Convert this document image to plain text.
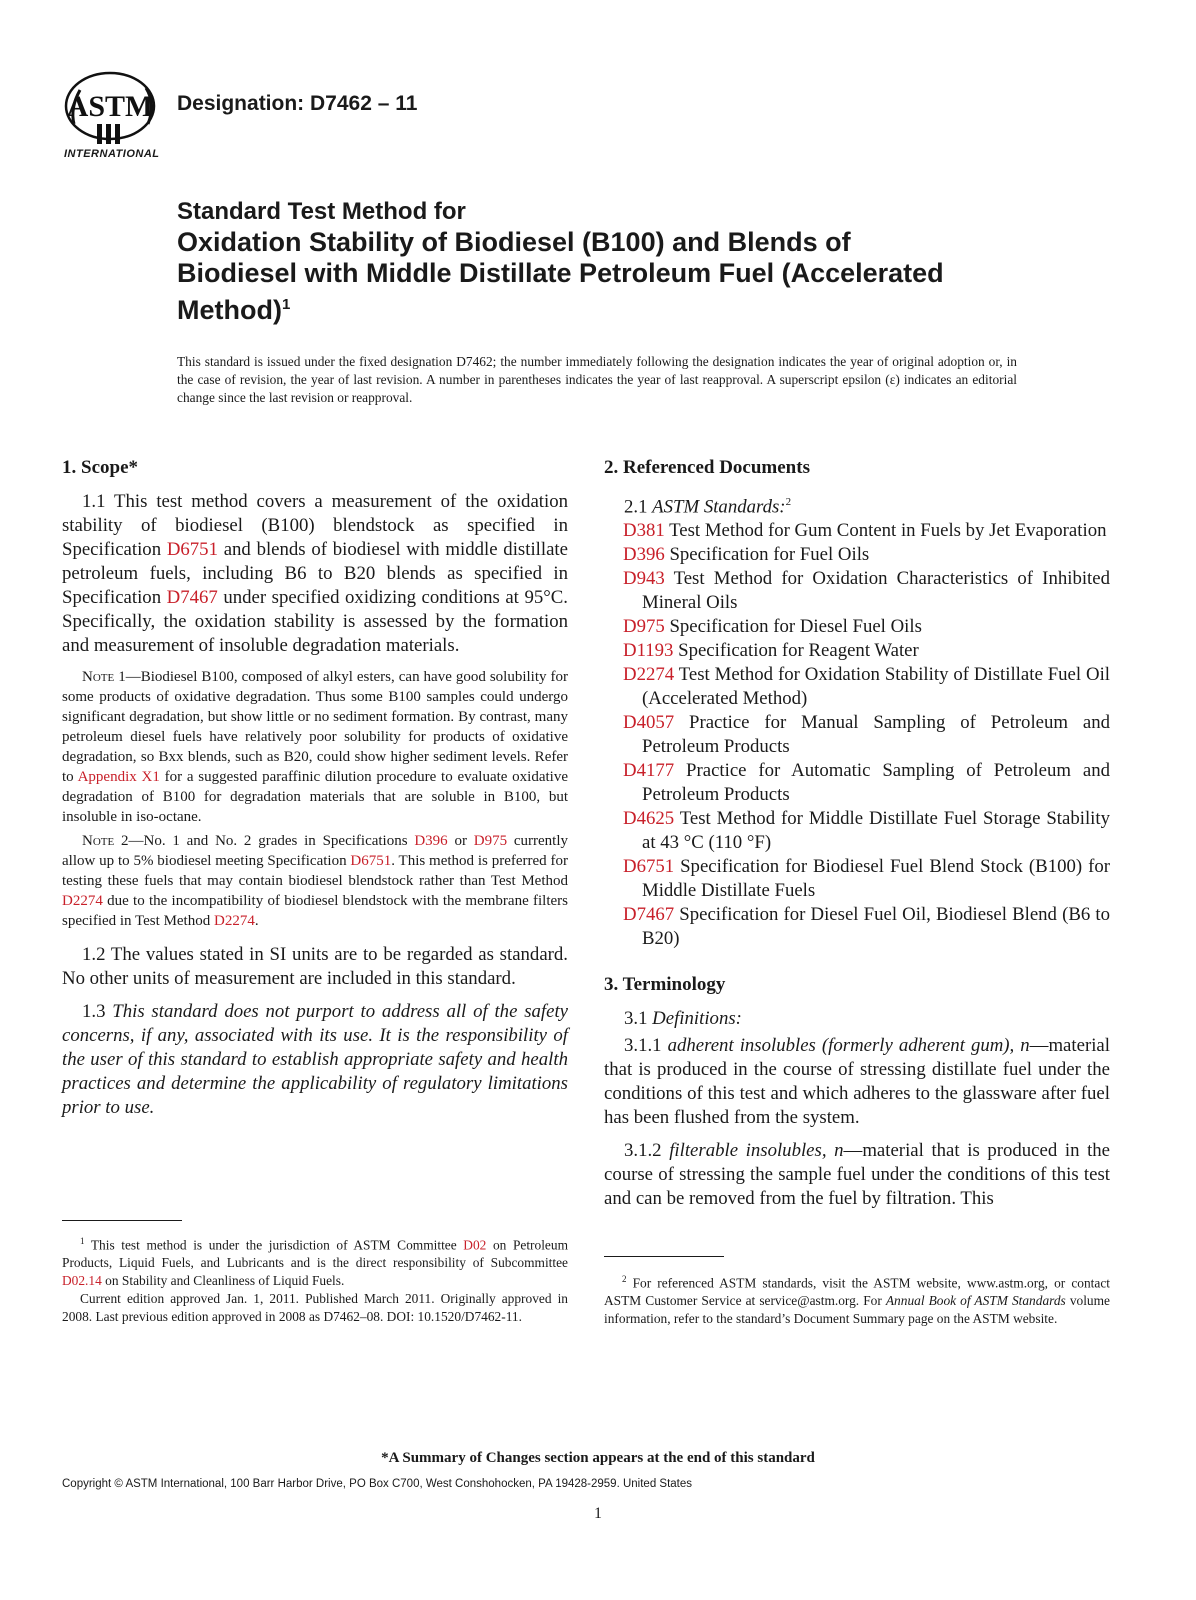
ASTM
INTERNATIONAL
Designation: D7462 – 11
Standard Test Method for
Oxidation Stability of Biodiesel (B100) and Blends of
Biodiesel with Middle Distillate Petroleum Fuel (Accelerated
Method)$^1$
This standard is issued under the fixed designation D7462; the number immediately following the designation indicates the year of original adoption or, in the case of revision, the year of last revision. A number in parentheses indicates the year of last reapproval. A superscript epsilon (ε) indicates an editorial change since the last revision or reapproval.
1. Scope*

1.1 This test method covers a measurement of the oxidation stability of biodiesel (B100) blendstock as specified in Specification D6751 and blends of biodiesel with middle distillate petroleum fuels, including B6 to B20 blends as specified in Specification D7467 under specified oxidizing conditions at 95°C. Specifically, the oxidation stability is assessed by the formation and measurement of insoluble degradation materials.

Note 1—Biodiesel B100, composed of alkyl esters, can have good solubility for some products of oxidative degradation. Thus some B100 samples could undergo significant degradation, but show little or no sediment formation. By contrast, many petroleum diesel fuels have relatively poor solubility for products of oxidative degradation, so Bxx blends, such as B20, could show higher sediment levels. Refer to Appendix X1 for a suggested paraffinic dilution procedure to evaluate oxidative degradation of B100 for degradation materials that are soluble in B100, but insoluble in iso-octane.

Note 2—No. 1 and No. 2 grades in Specifications D396 or D975 currently allow up to 5% biodiesel meeting Specification D6751. This method is preferred for testing these fuels that may contain biodiesel blendstock rather than Test Method D2274 due to the incompatibility of biodiesel blendstock with the membrane filters specified in Test Method D2274.

1.2 The values stated in SI units are to be regarded as standard. No other units of measurement are included in this standard.

1.3 This standard does not purport to address all of the safety concerns, if any, associated with its use. It is the responsibility of the user of this standard to establish appropriate safety and health practices and determine the applicability of regulatory limitations prior to use.

2. Referenced Documents
2.1 ASTM Standards:$^2$
D381 Test Method for Gum Content in Fuels by Jet Evaporation
D396 Specification for Fuel Oils
D943 Test Method for Oxidation Characteristics of Inhibited Mineral Oils
D975 Specification for Diesel Fuel Oils
D1193 Specification for Reagent Water
D2274 Test Method for Oxidation Stability of Distillate Fuel Oil (Accelerated Method)
D4057 Practice for Manual Sampling of Petroleum and Petroleum Products
D4177 Practice for Automatic Sampling of Petroleum and Petroleum Products
D4625 Test Method for Middle Distillate Fuel Storage Stability at 43 °C (110 °F)
D6751 Specification for Biodiesel Fuel Blend Stock (B100) for Middle Distillate Fuels
D7467 Specification for Diesel Fuel Oil, Biodiesel Blend (B6 to B20)
3. Terminology
3.1 Definitions:

3.1.1 adherent insolubles (formerly adherent gum), n—material that is produced in the course of stressing distillate fuel under the conditions of this test and which adheres to the glassware after fuel has been flushed from the system.

3.1.2 filterable insolubles, n—material that is produced in the course of stressing the sample fuel under the conditions of this test and can be removed from the fuel by filtration. This

$^1$ This test method is under the jurisdiction of ASTM Committee D02 on Petroleum Products, Liquid Fuels, and Lubricants and is the direct responsibility of Subcommittee D02.14 on Stability and Cleanliness of Liquid Fuels.

Current edition approved Jan. 1, 2011. Published March 2011. Originally approved in 2008. Last previous edition approved in 2008 as D7462–08. DOI: 10.1520/D7462-11.

$^2$ For referenced ASTM standards, visit the ASTM website, www.astm.org, or contact ASTM Customer Service at service@astm.org. For Annual Book of ASTM Standards volume information, refer to the standard’s Document Summary page on the ASTM website.

*A Summary of Changes section appears at the end of this standard
Copyright © ASTM International, 100 Barr Harbor Drive, PO Box C700, West Conshohocken, PA 19428-2959. United States
1
